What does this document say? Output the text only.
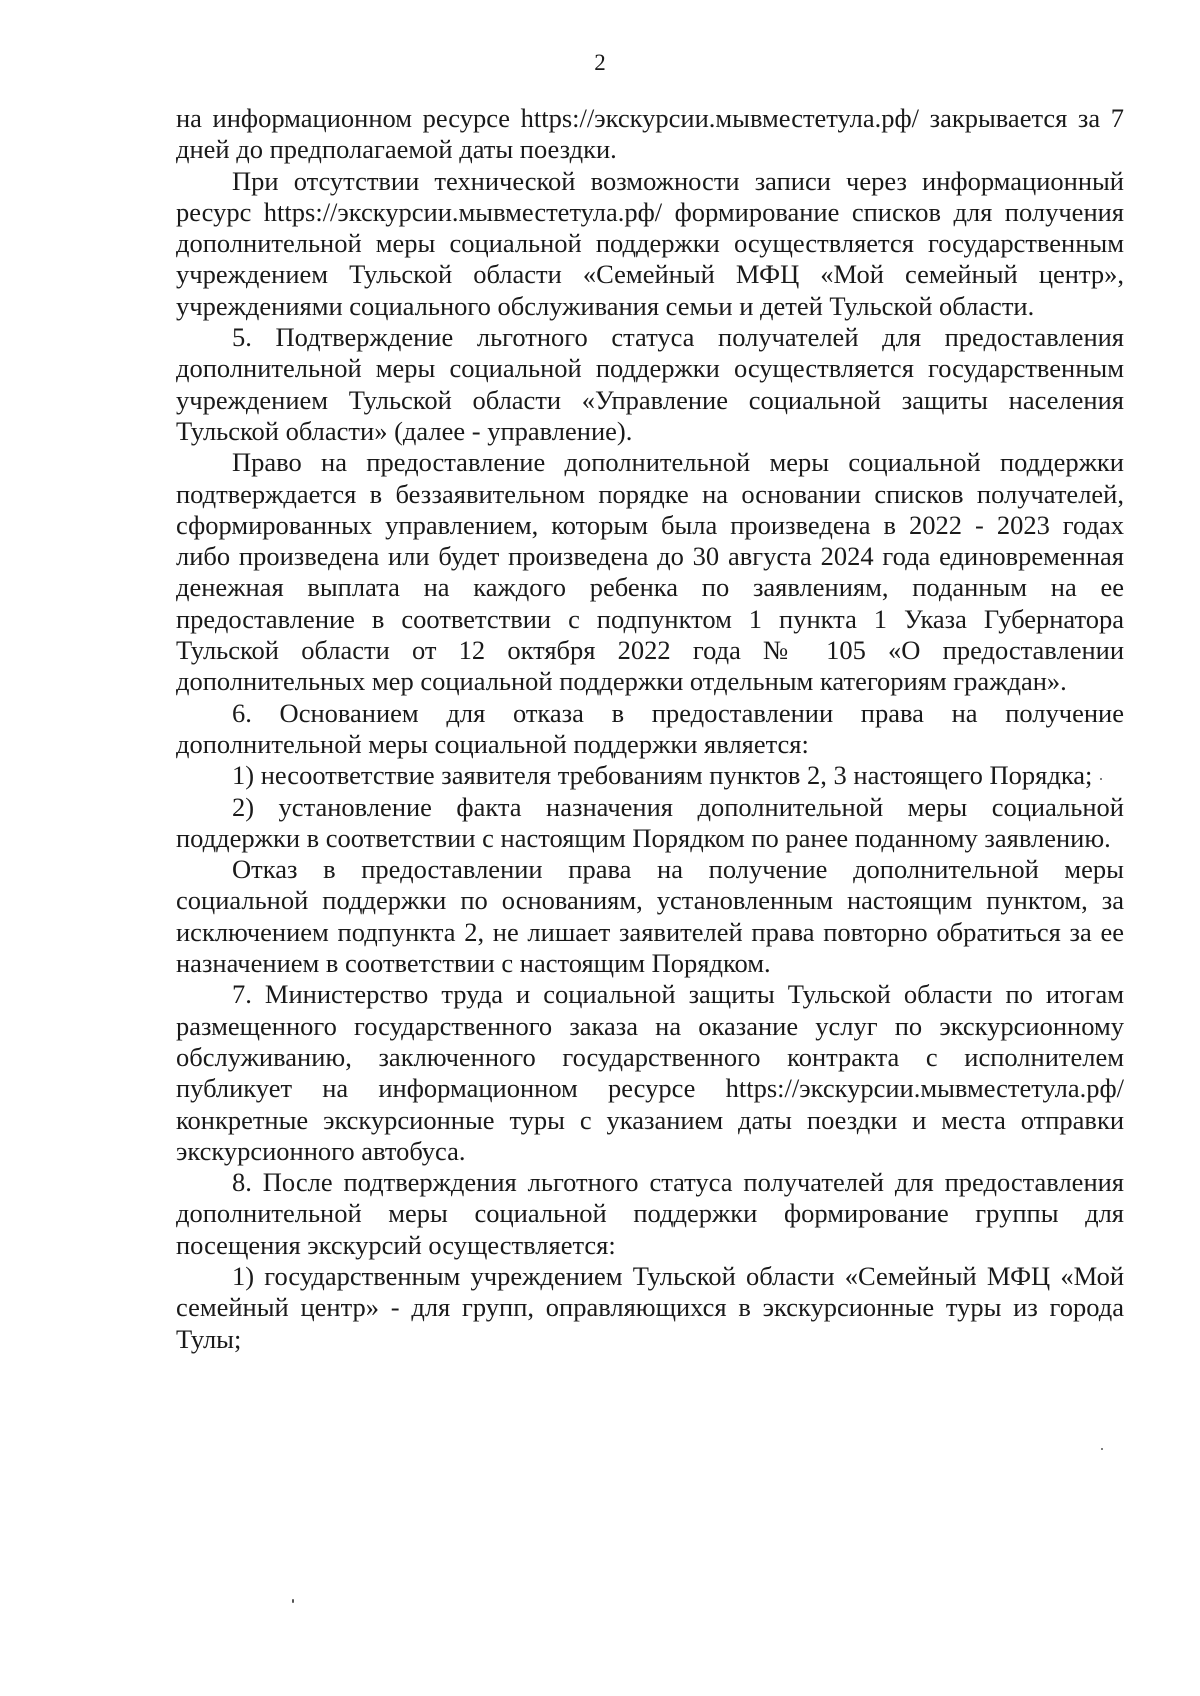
2

на информационном ресурсе https://экскурсии.мывместетула.рф/ закрывается за 7 дней до предполагаемой даты поездки.

При отсутствии технической возможности записи через информационный ресурс https://экскурсии.мывместетула.рф/ формирование списков для получения дополнительной меры социальной поддержки осуществляется государственным учреждением Тульской области «Семейный МФЦ «Мой семейный центр», учреждениями социального обслуживания семьи и детей Тульской области.

5. Подтверждение льготного статуса получателей для предоставления дополнительной меры социальной поддержки осуществляется государственным учреждением Тульской области «Управление социальной защиты населения Тульской области» (далее - управление).

Право на предоставление дополнительной меры социальной поддержки подтверждается в беззаявительном порядке на основании списков получателей, сформированных управлением, которым была произведена в 2022 - 2023 годах либо произведена или будет произведена до 30 августа 2024 года единовременная денежная выплата на каждого ребенка по заявлениям, поданным на ее предоставление в соответствии с подпунктом 1 пункта 1 Указа Губернатора Тульской области от 12 октября 2022 года № 105 «О предоставлении дополнительных мер социальной поддержки отдельным категориям граждан».

6. Основанием для отказа в предоставлении права на получение дополнительной меры социальной поддержки является:

1) несоответствие заявителя требованиям пунктов 2, 3 настоящего Порядка;

2) установление факта назначения дополнительной меры социальной поддержки в соответствии с настоящим Порядком по ранее поданному заявлению.

Отказ в предоставлении права на получение дополнительной меры социальной поддержки по основаниям, установленным настоящим пунктом, за исключением подпункта 2, не лишает заявителей права повторно обратиться за ее назначением в соответствии с настоящим Порядком.

7. Министерство труда и социальной защиты Тульской области по итогам размещенного государственного заказа на оказание услуг по экскурсионному обслуживанию, заключенного государственного контракта с исполнителем публикует на информационном ресурсе https://экскурсии.мывместетула.рф/ конкретные экскурсионные туры с указанием даты поездки и места отправки экскурсионного автобуса.

8. После подтверждения льготного статуса получателей для предоставления дополнительной меры социальной поддержки формирование группы для посещения экскурсий осуществляется:

1) государственным учреждением Тульской области «Семейный МФЦ «Мой семейный центр» - для групп, оправляющихся в экскурсионные туры из города Тулы;
